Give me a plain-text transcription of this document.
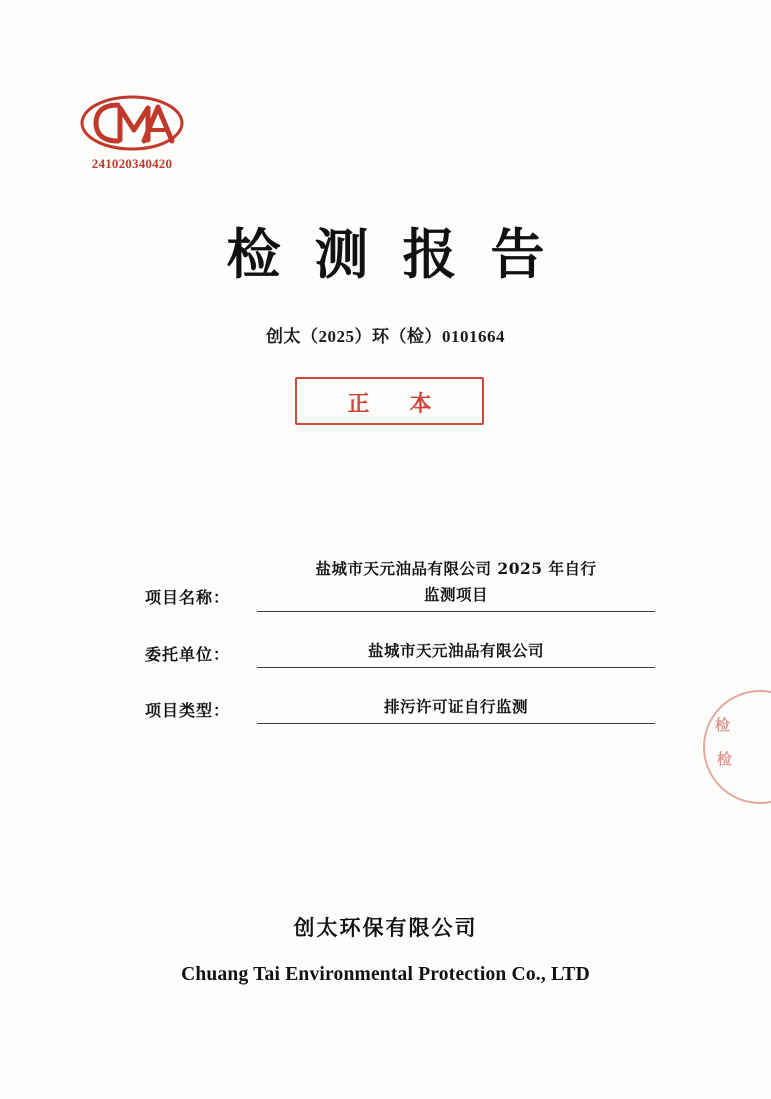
241020340420
检测报告
创太（2025）环（检）0101664
正本
项目名称：
盐城市天元油品有限公司 2025 年自行
监测项目
委托单位：	盐城市天元油品有限公司
项目类型：	排污许可证自行监测
检
检
创太环保有限公司
Chuang Tai Environmental Protection Co., LTD
